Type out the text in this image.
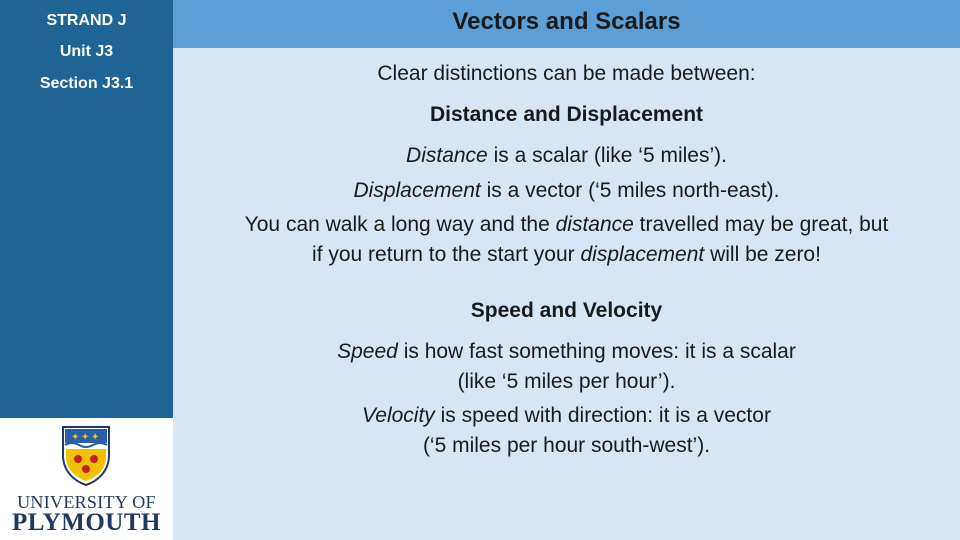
STRAND J
Unit J3
Section J3.1
✦ ✦ ✦
UNIVERSITY OF
PLYMOUTH
Vectors and Scalars
Clear distinctions can be made between:
Distance and Displacement
Distance is a scalar (like ‘5 miles’).
Displacement is a vector (‘5 miles north-east).
You can walk a long way and the distance travelled may be great, but
if you return to the start your displacement will be zero!
Speed and Velocity
Speed is how fast something moves: it is a scalar
(like ‘5 miles per hour’).
Velocity is speed with direction: it is a vector
(‘5 miles per hour south-west’).
